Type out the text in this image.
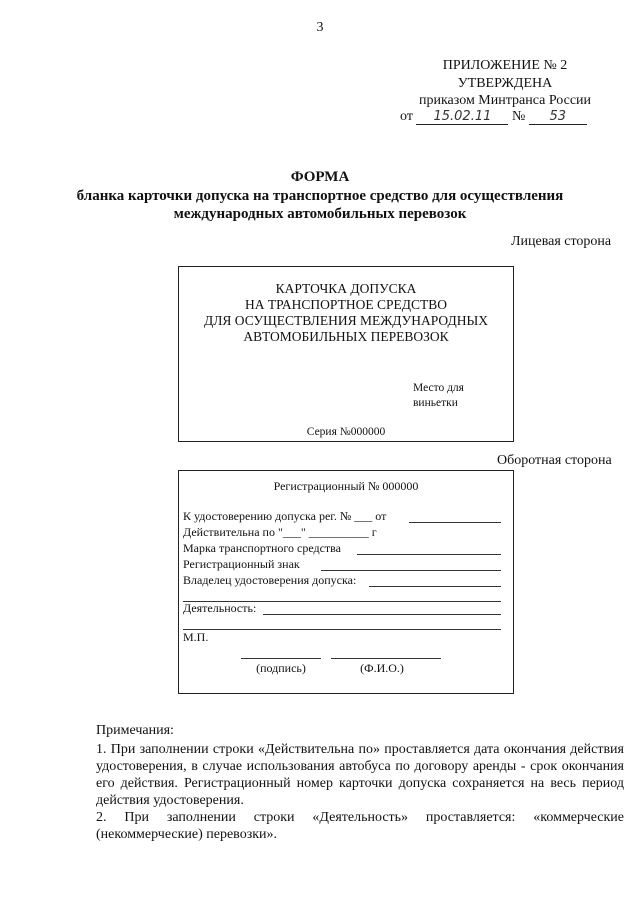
3
ПРИЛОЖЕНИЕ № 2
УТВЕРЖДЕНА
приказом Минтранса России
от 15.02.11 № 53
ФОРМА
бланка карточки допуска на транспортное средство для осуществления
международных автомобильных перевозок
Лицевая сторона
КАРТОЧКА ДОПУСКА
НА ТРАНСПОРТНОЕ СРЕДСТВО
ДЛЯ ОСУЩЕСТВЛЕНИЯ МЕЖДУНАРОДНЫХ
АВТОМОБИЛЬНЫХ ПЕРЕВОЗОК
Место для
виньетки
Серия №000000
Оборотная сторона
Регистрационный № 000000
К удостоверению допуска рег. № ___ от
Действительна по "___" __________ г
Марка транспортного средства
Регистрационный знак
Владелец удостоверения допуска:
Деятельность:
М.П.
(подпись)	(Ф.И.О.)
Примечания:
1. При заполнении строки «Действительна по» проставляется дата окончания действия удостоверения, в случае использования автобуса по договору аренды - срок окончания его действия. Регистрационный номер карточки допуска сохраняется на весь период действия удостоверения.
2. При заполнении строки «Деятельность» проставляется: «коммерческие (некоммерческие) перевозки».
